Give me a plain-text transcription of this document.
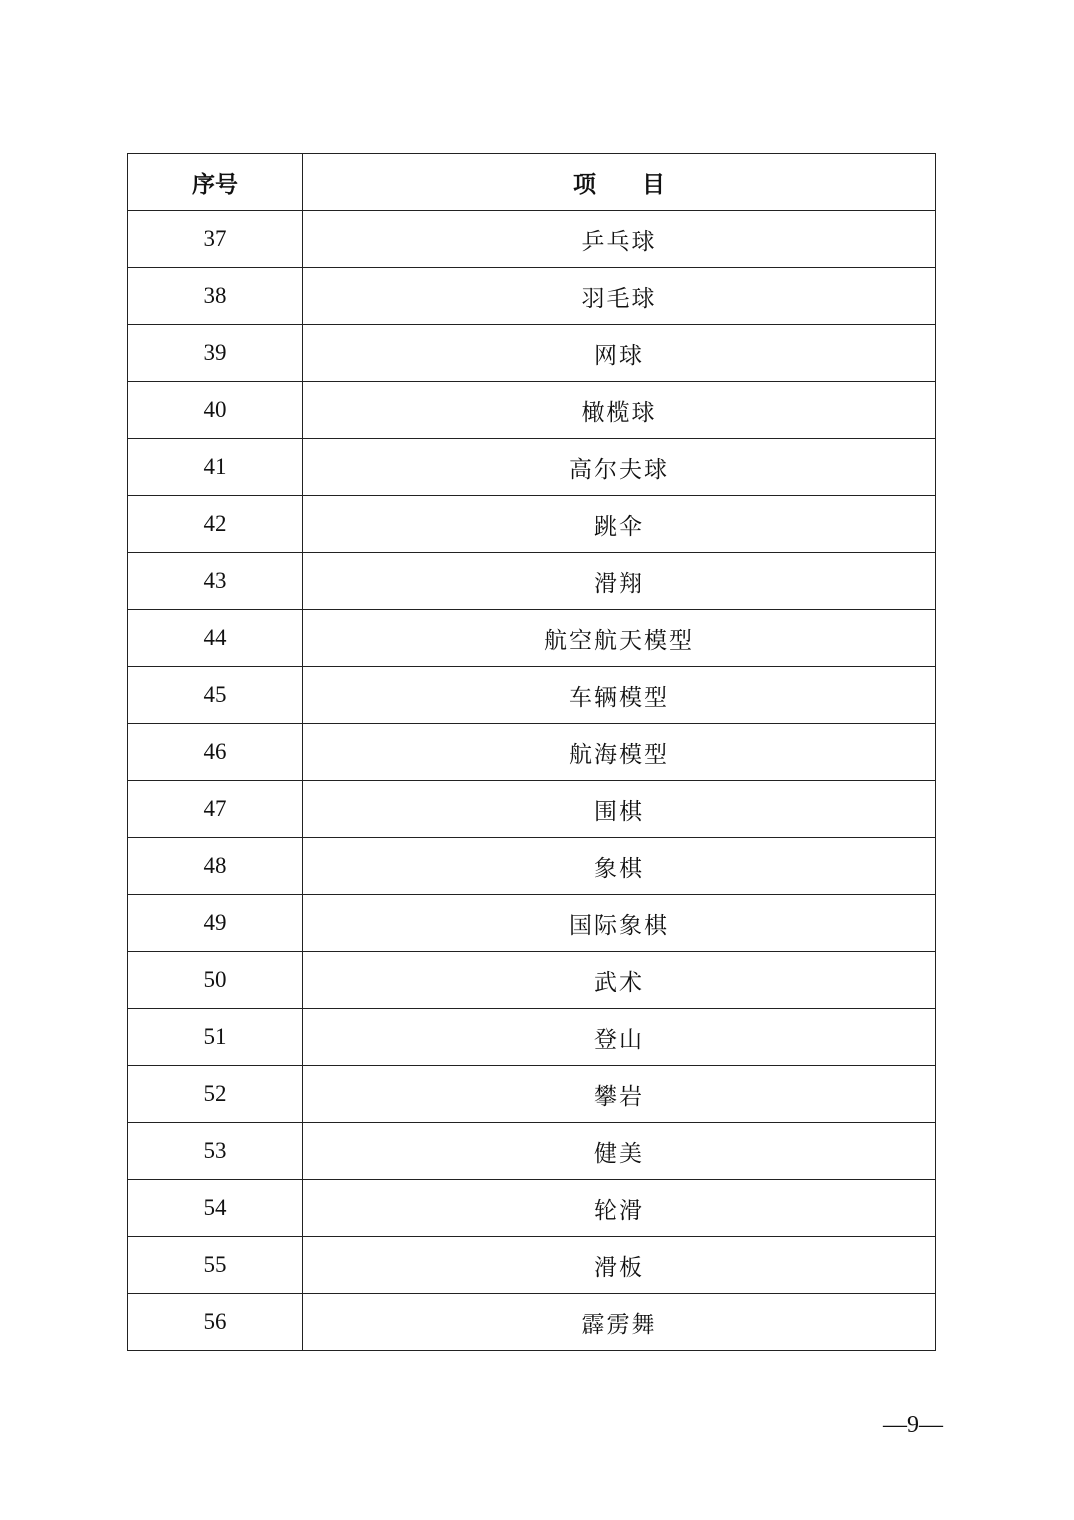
序号	项 目
37	乒乓球
38	羽毛球
39	网球
40	橄榄球
41	高尔夫球
42	跳伞
43	滑翔
44	航空航天模型
45	车辆模型
46	航海模型
47	围棋
48	象棋
49	国际象棋
50	武术
51	登山
52	攀岩
53	健美
54	轮滑
55	滑板
56	霹雳舞
—9—
